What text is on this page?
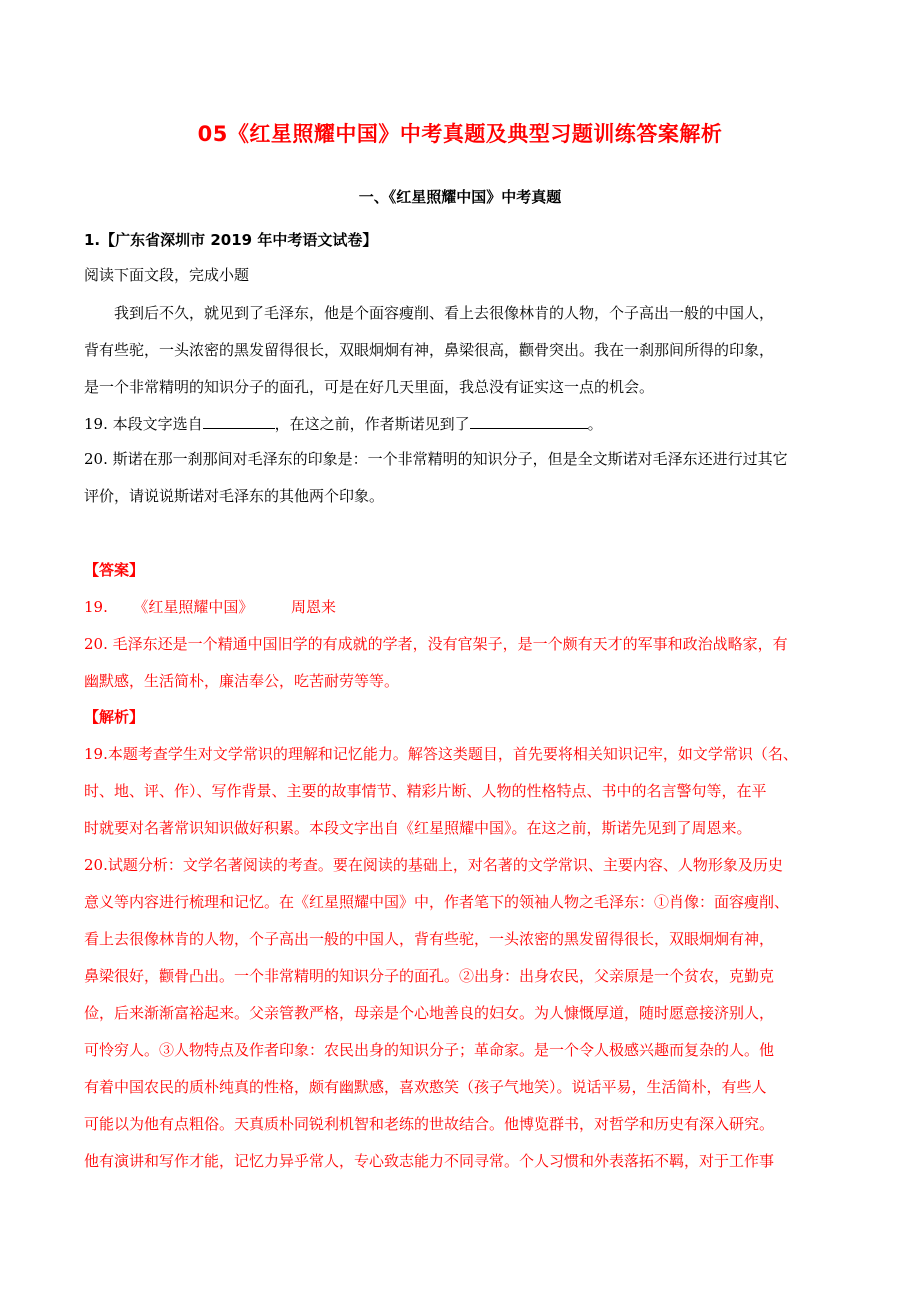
05《红星照耀中国》中考真题及典型习题训练答案解析
一、《红星照耀中国》中考真题
1.【广东省深圳市 2019 年中考语文试卷】
阅读下面文段，完成小题
我到后不久，就见到了毛泽东，他是个面容瘦削、看上去很像林肯的人物，个子高出一般的中国人，
背有些驼，一头浓密的黑发留得很长，双眼炯炯有神，鼻梁很高，颧骨突出。我在一刹那间所得的印象，
是一个非常精明的知识分子的面孔，可是在好几天里面，我总没有证实这一点的机会。
19. 本段文字选自	，在这之前，作者斯诺见到了	。
20. 斯诺在那一刹那间对毛泽东的印象是：一个非常精明的知识分子，但是全文斯诺对毛泽东还进行过其它
评价，请说说斯诺对毛泽东的其他两个印象。
【答案】
19. 《红星照耀中国》	周恩来
20. 毛泽东还是一个精通中国旧学的有成就的学者，没有官架子，是一个颇有天才的军事和政治战略家，有
幽默感，生活简朴，廉洁奉公，吃苦耐劳等等。
【解析】
19.本题考查学生对文学常识的理解和记忆能力。解答这类题目，首先要将相关知识记牢，如文学常识（名、
时、地、评、作）、写作背景、主要的故事情节、精彩片断、人物的性格特点、书中的名言警句等，在平
时就要对名著常识知识做好积累。本段文字出自《红星照耀中国》。在这之前，斯诺先见到了周恩来。
20.试题分析：文学名著阅读的考查。要在阅读的基础上，对名著的文学常识、主要内容、人物形象及历史
意义等内容进行梳理和记忆。在《红星照耀中国》中，作者笔下的领袖人物之毛泽东：①肖像：面容瘦削、
看上去很像林肯的人物，个子高出一般的中国人，背有些驼，一头浓密的黑发留得很长，双眼炯炯有神，
鼻梁很好，颧骨凸出。一个非常精明的知识分子的面孔。②出身：出身农民，父亲原是一个贫农，克勤克
俭，后来渐渐富裕起来。父亲管教严格，母亲是个心地善良的妇女。为人慷慨厚道，随时愿意接济别人，
可怜穷人。③人物特点及作者印象：农民出身的知识分子；革命家。是一个令人极感兴趣而复杂的人。他
有着中国农民的质朴纯真的性格，颇有幽默感，喜欢憨笑（孩子气地笑）。说话平易，生活简朴，有些人
可能以为他有点粗俗。天真质朴同锐利机智和老练的世故结合。他博览群书，对哲学和历史有深入研究。
他有演讲和写作才能，记忆力异乎常人，专心致志能力不同寻常。个人习惯和外表落拓不羁，对于工作事
